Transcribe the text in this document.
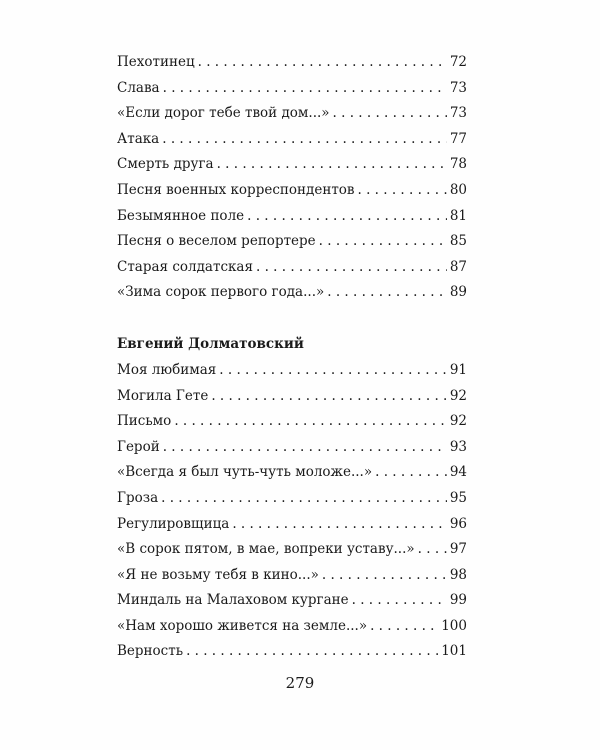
Пехотинец . . .	72
Слава . . .	73
«Если дорог тебе твой дом...» . . .	73
Атака . . .	77
Смерть друга . . .	78
Песня военных корреспондентов . . .	80
Безымянное поле . . .	81
Песня о веселом репортере . . .	85
Старая солдатская . . .	87
«Зима сорок первого года...» . . .	89
Евгений Долматовский
Моя любимая . . .	91
Могила Гете . . .	92
Письмо . . .	92
Герой . . .	93
«Всегда я был чуть-чуть моложе...» . . .	94
Гроза . . .	95
Регулировщица . . .	96
«В сорок пятом, в мае, вопреки уставу...» . . .	97
«Я не возьму тебя в кино...» . . .	98
Миндаль на Малаховом кургане . . .	99
«Нам хорошо живется на земле...» . . .	100
Верность . . .	101
279
